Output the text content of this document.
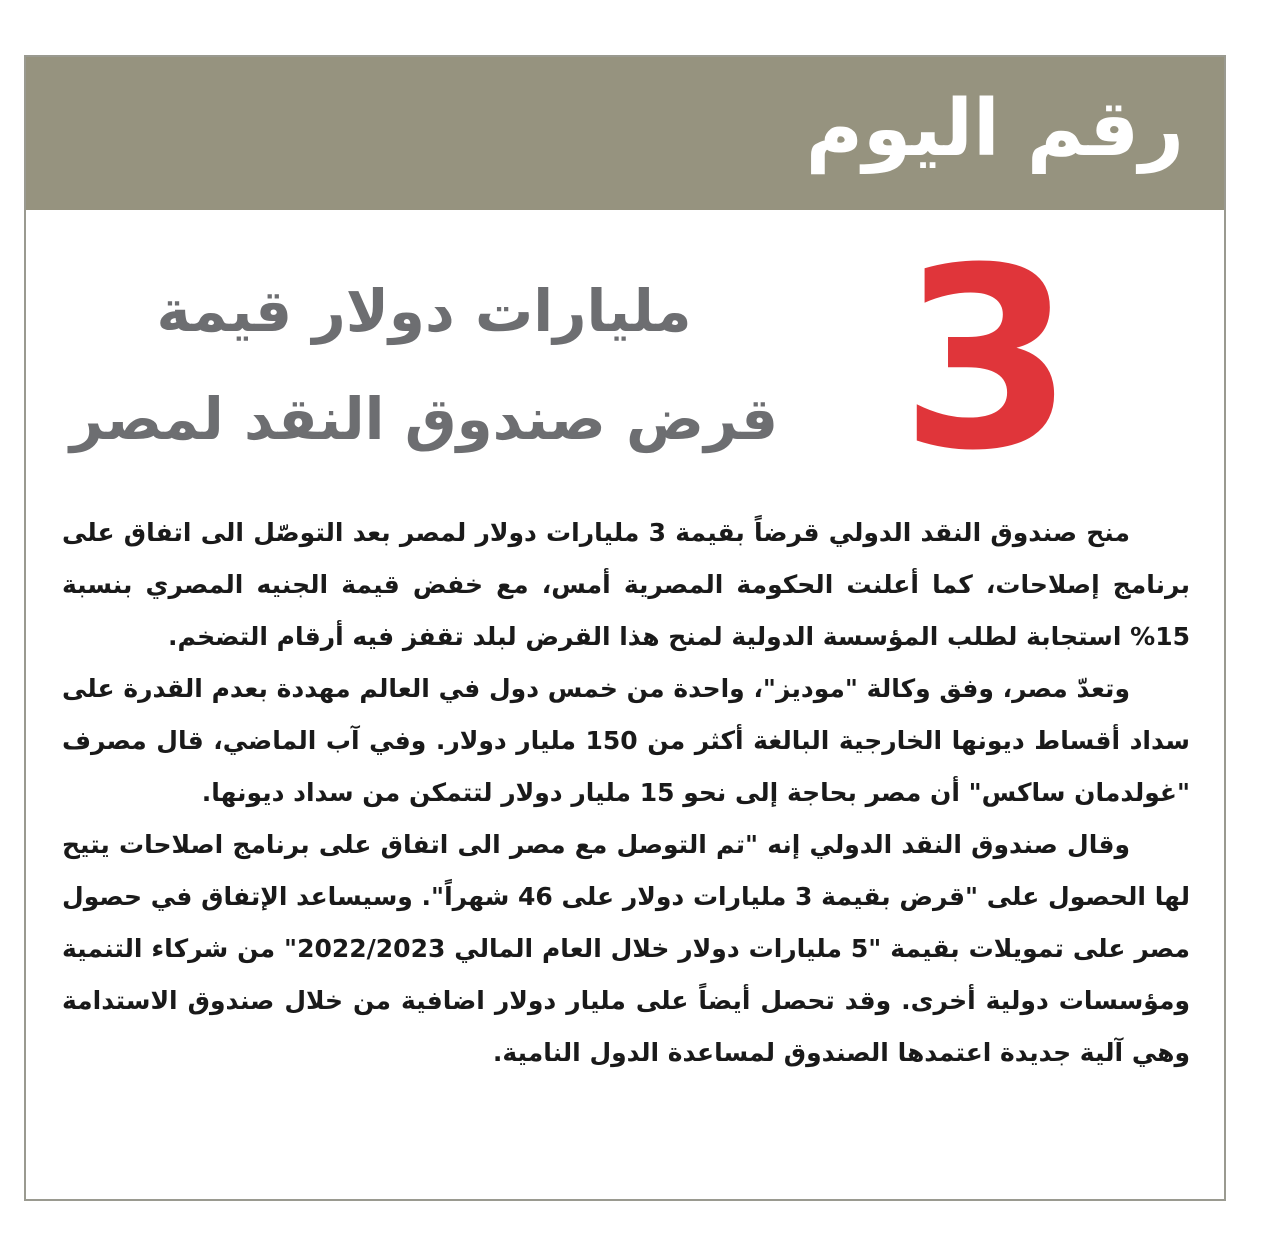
رقم اليوم
3
مليارات دولار قيمة
قرض صندوق النقد لمصر

منح صندوق النقد الدولي قرضاً بقيمة 3 مليارات دولار لمصر بعد التوصّل الى اتفاق على برنامج إصلاحات، كما أعلنت الحكومة المصرية أمس، مع خفض قيمة الجنيه المصري بنسبة 15% استجابة لطلب المؤسسة الدولية لمنح هذا القرض لبلد تقفز فيه أرقام التضخم.

وتعدّ مصر، وفق وكالة "موديز"، واحدة من خمس دول في العالم مهددة بعدم القدرة على سداد أقساط ديونها الخارجية البالغة أكثر من 150 مليار دولار. وفي آب الماضي، قال مصرف "غولدمان ساكس" أن مصر بحاجة إلى نحو 15 مليار دولار لتتمكن من سداد ديونها.

وقال صندوق النقد الدولي إنه "تم التوصل مع مصر الى اتفاق على برنامج اصلاحات يتيح لها الحصول على "قرض بقيمة 3 مليارات دولار على 46 شهراً". وسيساعد الإتفاق في حصول مصر على تمويلات بقيمة "5 مليارات دولار خلال العام المالي 2022/2023" من شركاء التنمية ومؤسسات دولية أخرى. وقد تحصل أيضاً على مليار دولار اضافية من خلال صندوق الاستدامة وهي آلية جديدة اعتمدها الصندوق لمساعدة الدول النامية.
